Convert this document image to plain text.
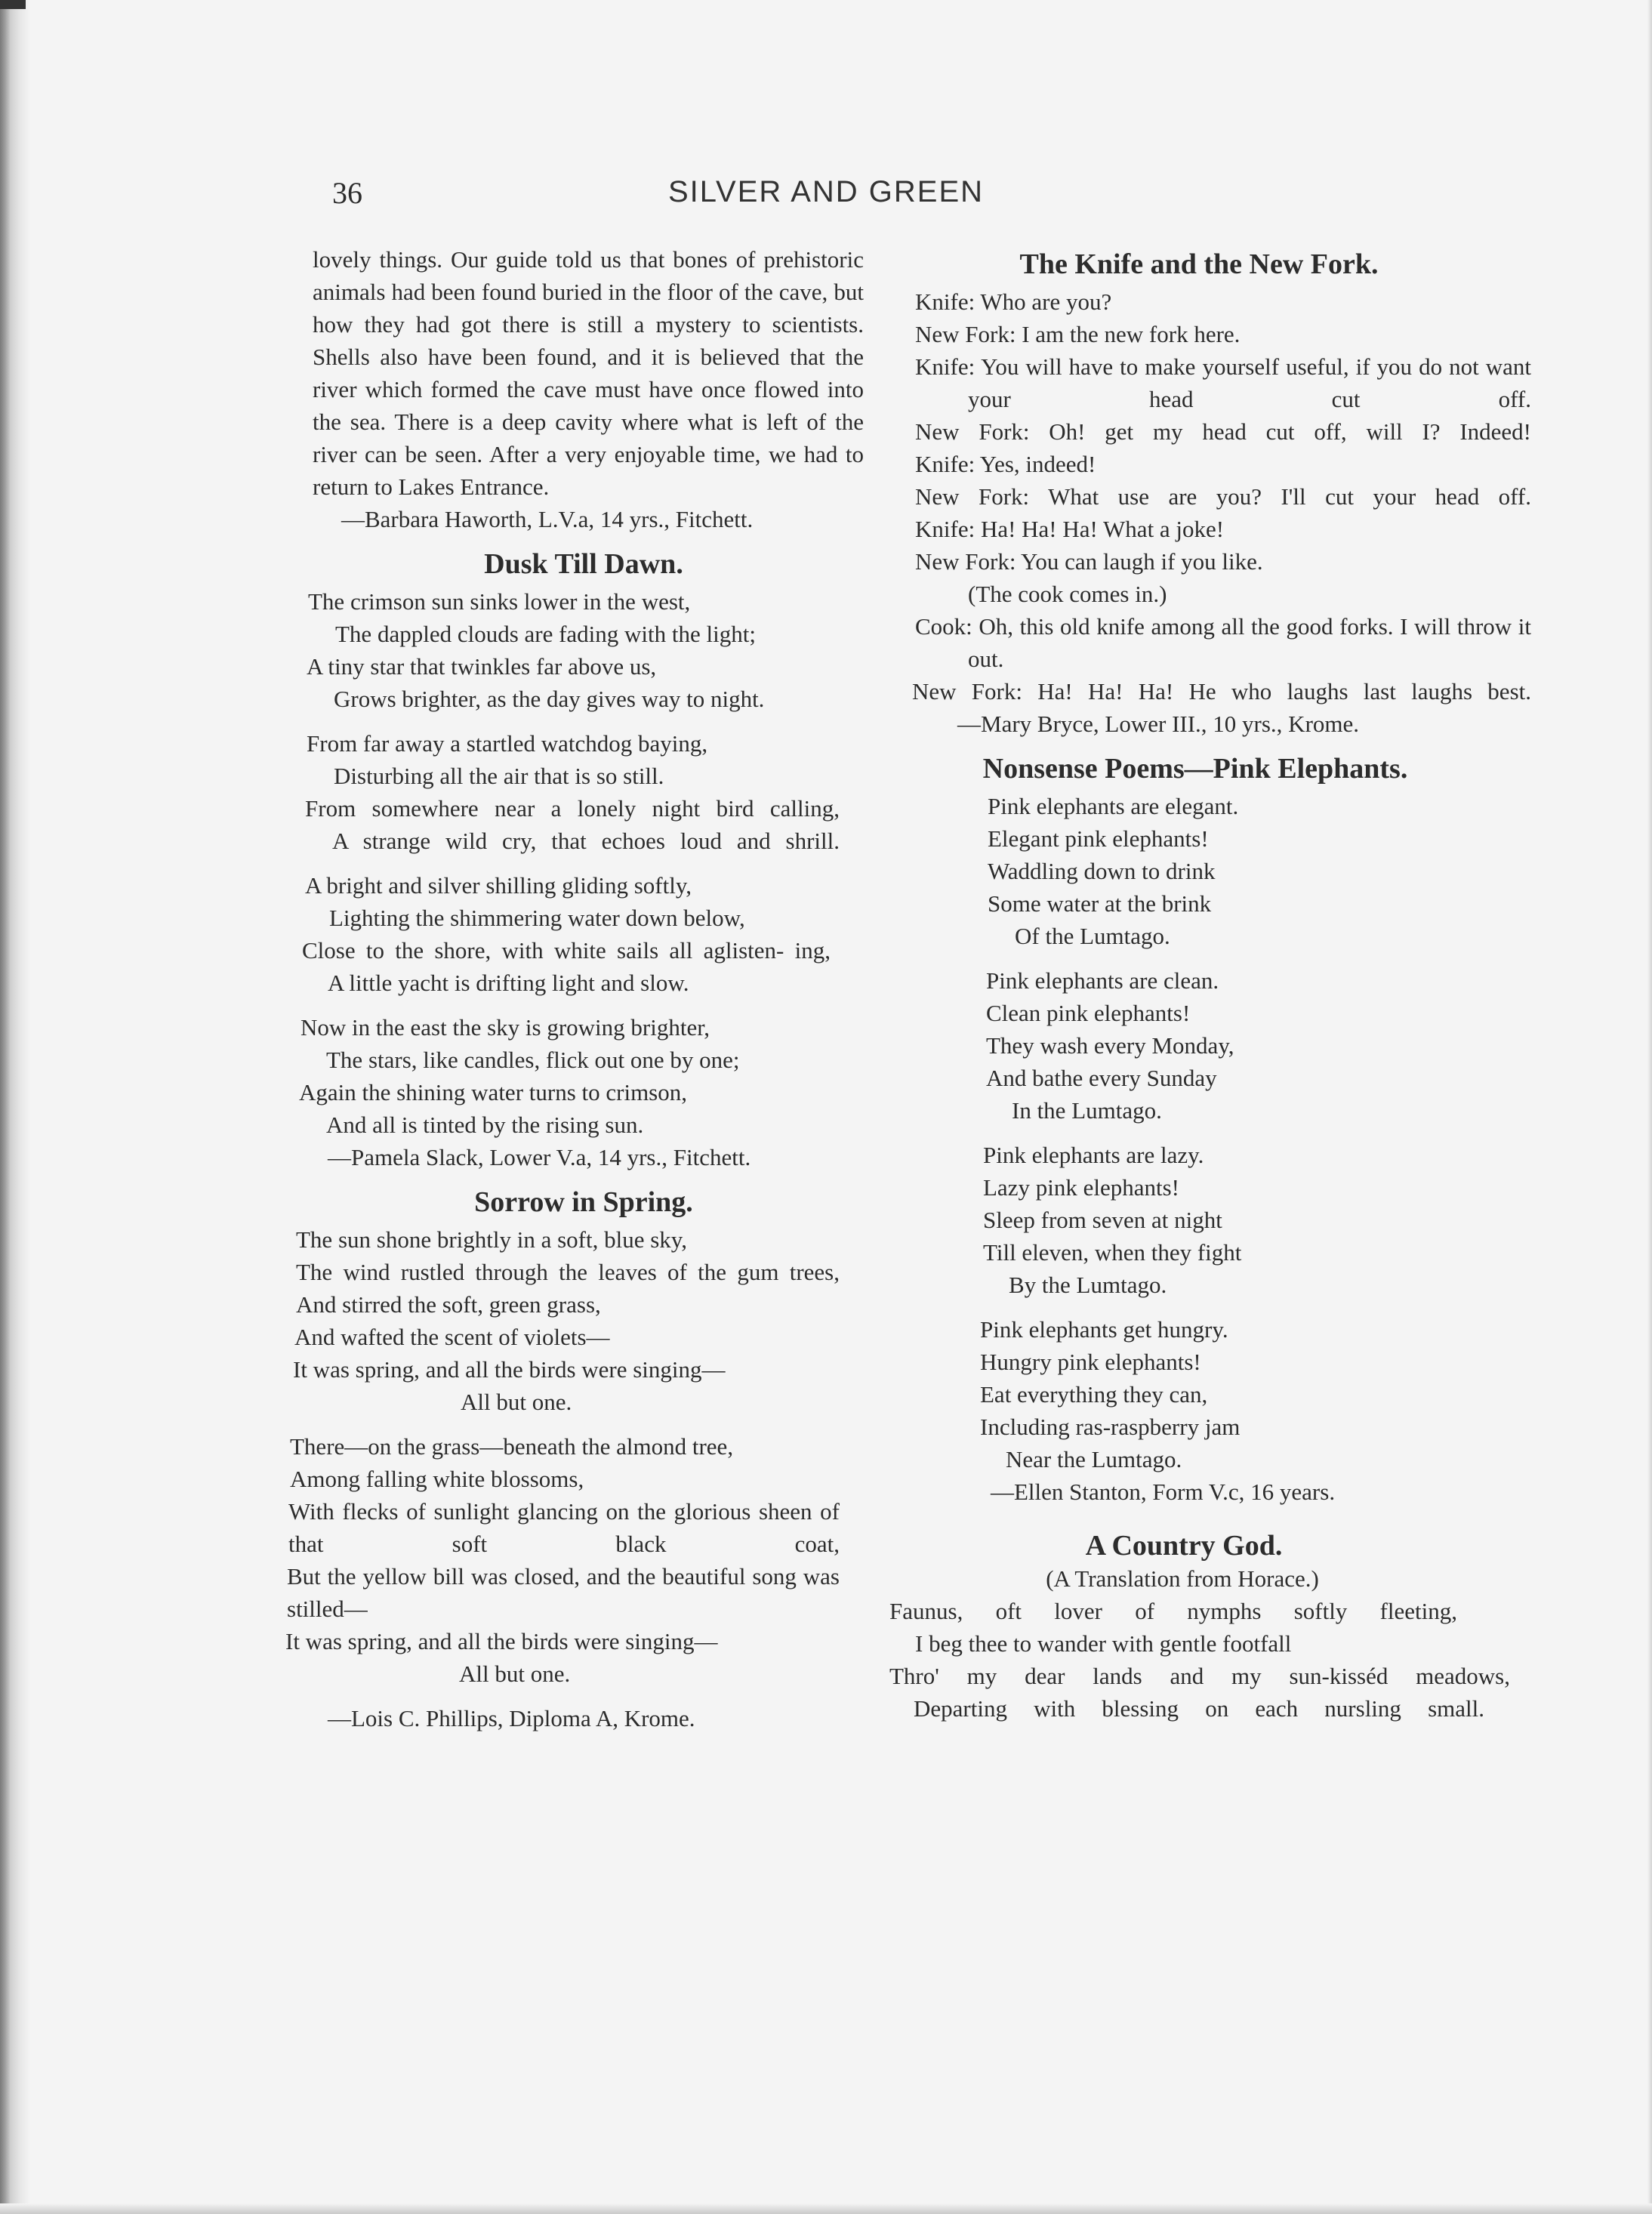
36	SILVER AND GREEN

lovely things. Our guide told us that bones of prehistoric animals had been found buried in the floor of the cave, but how they had got there is still a mystery to scientists. Shells also have been found, and it is believed that the river which formed the cave must have once flowed into the sea. There is a deep cavity where what is left of the river can be seen. After a very enjoyable time, we had to return to Lakes Entrance.

—Barbara Haworth, L.V.a, 14 yrs., Fitchett.
Dusk Till Dawn.
The crimson sun sinks lower in the west,
The dappled clouds are fading with the light;
A tiny star that twinkles far above us,
Grows brighter, as the day gives way to night.
From far away a startled watchdog baying,
Disturbing all the air that is so still.
From somewhere near a lonely night bird calling,
A strange wild cry, that echoes loud and shrill.
A bright and silver shilling gliding softly,
Lighting the shimmering water down below,
Close to the shore, with white sails all aglisten- ing,
A little yacht is drifting light and slow.
Now in the east the sky is growing brighter,
The stars, like candles, flick out one by one;
Again the shining water turns to crimson,
And all is tinted by the rising sun.
—Pamela Slack, Lower V.a, 14 yrs., Fitchett.
Sorrow in Spring.
The sun shone brightly in a soft, blue sky,
The wind rustled through the leaves of the gum trees,
And stirred the soft, green grass,
And wafted the scent of violets—
It was spring, and all the birds were singing—
All but one.
There—on the grass—beneath the almond tree,
Among falling white blossoms,
With flecks of sunlight glancing on the glorious sheen of that soft black coat,
But the yellow bill was closed, and the beautiful song was stilled—
It was spring, and all the birds were singing—
All but one.
—Lois C. Phillips, Diploma A, Krome.
The Knife and the New Fork.
Knife: Who are you?
New Fork: I am the new fork here.
Knife: You will have to make yourself useful, if you do not want your head cut off.
New Fork: Oh! get my head cut off, will I? Indeed!
Knife: Yes, indeed!
New Fork: What use are you? I'll cut your head off.
Knife: Ha! Ha! Ha! What a joke!
New Fork: You can laugh if you like.
(The cook comes in.)
Cook: Oh, this old knife among all the good forks. I will throw it out.
New Fork: Ha! Ha! Ha! He who laughs last laughs best.
—Mary Bryce, Lower III., 10 yrs., Krome.
Nonsense Poems—Pink Elephants.
Pink elephants are elegant.
Elegant pink elephants!
Waddling down to drink
Some water at the brink
Of the Lumtago.
Pink elephants are clean.
Clean pink elephants!
They wash every Monday,
And bathe every Sunday
In the Lumtago.
Pink elephants are lazy.
Lazy pink elephants!
Sleep from seven at night
Till eleven, when they fight
By the Lumtago.
Pink elephants get hungry.
Hungry pink elephants!
Eat everything they can,
Including ras-raspberry jam
Near the Lumtago.
—Ellen Stanton, Form V.c, 16 years.
A Country God.
(A Translation from Horace.)
Faunus, oft lover of nymphs softly fleeting,
I beg thee to wander with gentle footfall
Thro' my dear lands and my sun-kisséd meadows,
Departing with blessing on each nursling small.
